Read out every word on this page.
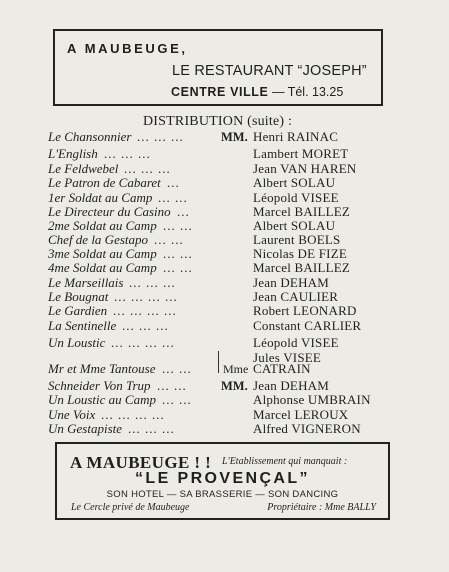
A MAUBEUGE,
LE RESTAURANT “JOSEPH”
CENTRE VILLE — Tél. 13.25
DISTRIBUTION (suite) :
Le Chansonnier ... ... ...	MM. Henri RAINAC
L'English ... ... ...	Lambert MORET
Le Feldwebel ... ... ...	Jean VAN HAREN
Le Patron de Cabaret ...	Albert SOLAU
1er Soldat au Camp ... ...	Léopold VISEE
Le Directeur du Casino ...	Marcel BAILLEZ
2me Soldat au Camp ... ...	Albert SOLAU
Chef de la Gestapo ... ...	Laurent BOELS
3me Soldat au Camp ... ...	Nicolas DE FIZE
4me Soldat au Camp ... ...	Marcel BAILLEZ
Le Marseillais ... ... ...	Jean DEHAM
Le Bougnat ... ... ... ...	Jean CAULIER
Le Gardien ... ... ... ...	Robert LEONARD
La Sentinelle ... ... ...	Constant CARLIER
Un Loustic ... ... ... ...	Léopold VISEE
Jules VISEE
Mr et Mme Tantouse ... ...	Mme CATRAIN
Schneider Von Trup ... ...	MM. Jean DEHAM
Un Loustic au Camp ... ...	Alphonse UMBRAIN
Une Voix ... ... ... ...	Marcel LEROUX
Un Gestapiste ... ... ...	Alfred VIGNERON
A MAUBEUGE ! ! L'Etablissement qui manquait :
“LE PROVENÇAL”
SON HOTEL — SA BRASSERIE — SON DANCING
Le Cercle privé de Maubeuge	Propriétaire : Mme BALLY
